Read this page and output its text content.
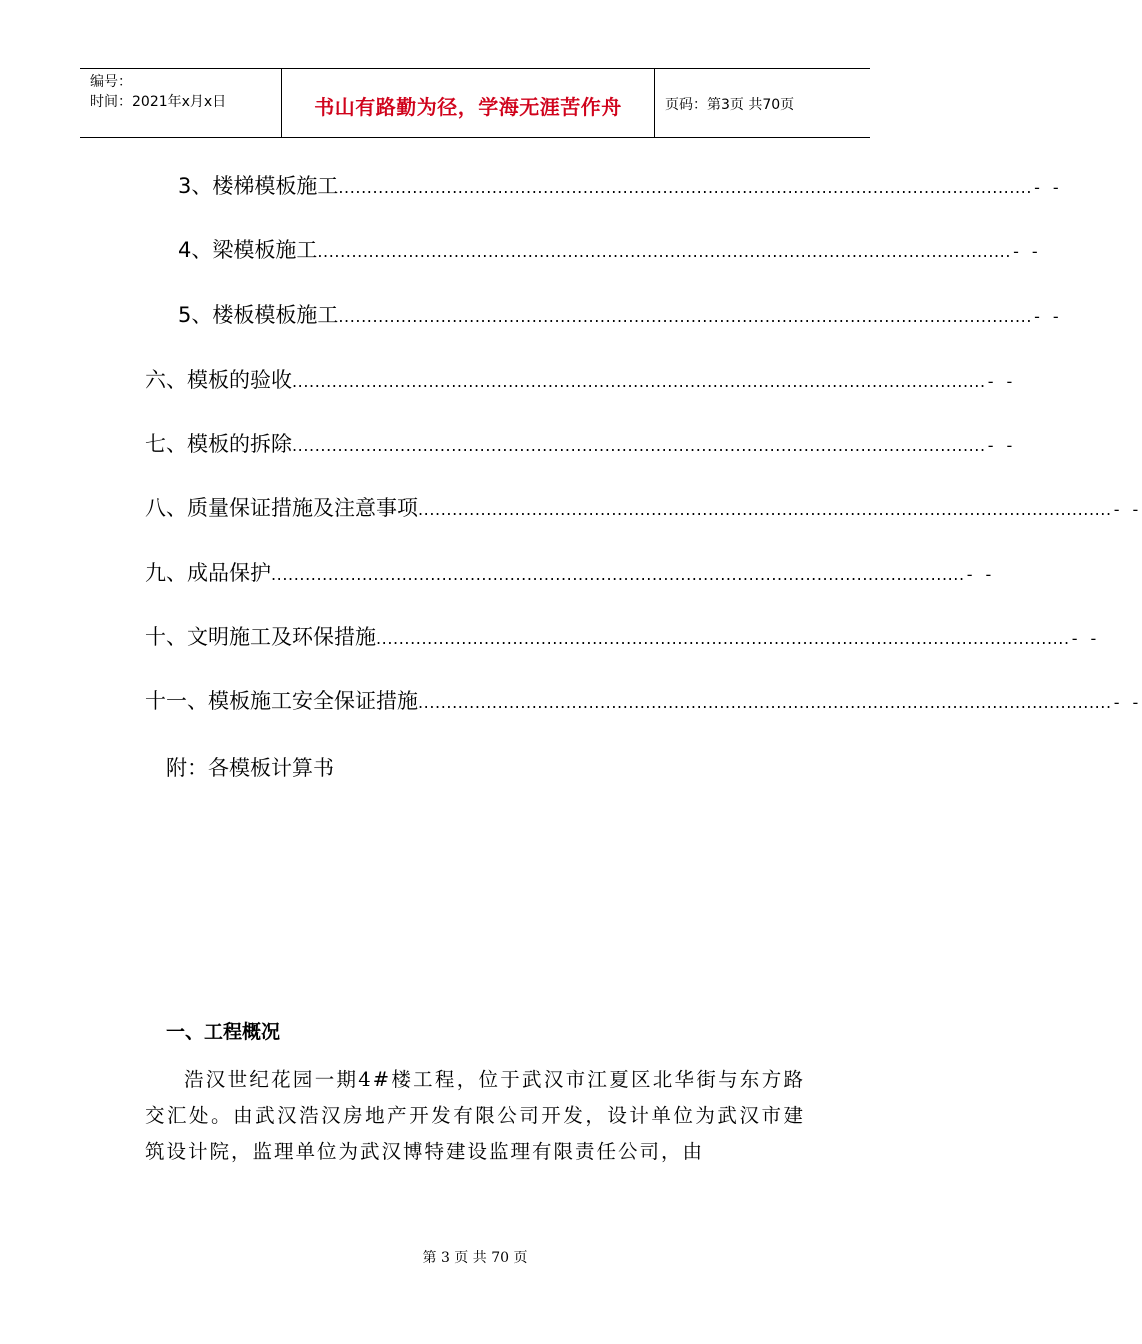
编号：
时间：2021年x月x日	书山有路勤为径，学海无涯苦作舟	页码：第3页 共70页
3、楼梯模板施工 .......................................................................................................................... - -
4、梁模板施工 .......................................................................................................................... - -
5、楼板模板施工 .......................................................................................................................... - -
六、模板的验收 .......................................................................................................................... - -
七、模板的拆除 .......................................................................................................................... - -
八、质量保证措施及注意事项 .......................................................................................................................... - -
九、成品保护 .......................................................................................................................... - -
十、文明施工及环保措施 .......................................................................................................................... - -
十一、模板施工安全保证措施 .......................................................................................................................... - -
附：各模板计算书
一、工程概况
浩汉世纪花园一期4#楼工程，位于武汉市江夏区北华街与东方路交汇处。由武汉浩汉房地产开发有限公司开发，设计单位为武汉市建筑设计院，监理单位为武汉博特建设监理有限责任公司，由
第 3 页 共 70 页
